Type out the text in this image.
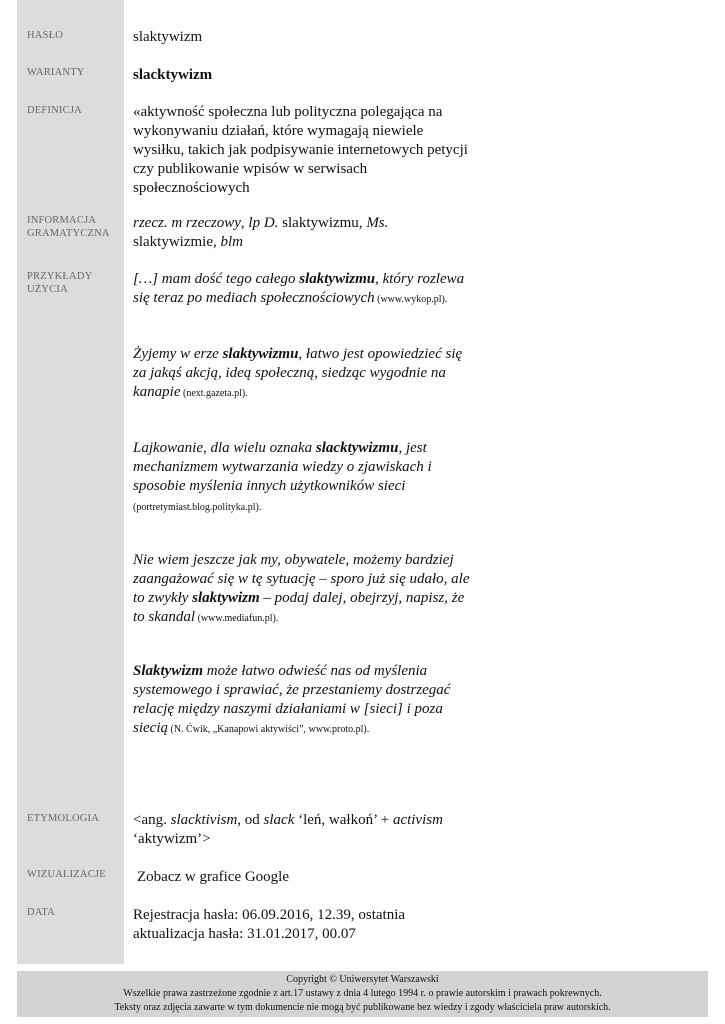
HASŁO
WARIANTY
DEFINICJA
INFORMACJA
GRAMATYCZNA
PRZYKŁADY
UŻYCIA
ETYMOLOGIA
WIZUALIZACJE
DATA
slaktywizm
slacktywizm
«aktywność społeczna lub polityczna polegająca na wykonywaniu działań, które wymagają niewiele wysiłku, takich jak podpisywanie internetowych petycji czy publikowanie wpisów w serwisach społecznościowych
rzecz. m rzeczowy, lp D. slaktywizmu, Ms. slaktywizmie, blm
[…] mam dość tego całego slaktywizmu, który rozlewa się teraz po mediach społecznościowych (www.wykop.pl).
Żyjemy w erze slaktywizmu, łatwo jest opowiedzieć się za jakąś akcją, ideą społeczną, siedząc wygodnie na kanapie (next.gazeta.pl).
Lajkowanie, dla wielu oznaka slacktywizmu, jest mechanizmem wytwarzania wiedzy o zjawiskach i sposobie myślenia innych użytkowników sieci (portretymiast.blog.polityka.pl).
Nie wiem jeszcze jak my, obywatele, możemy bardziej zaangażować się w tę sytuację – sporo już się udało, ale to zwykły slaktywizm – podaj dalej, obejrzyj, napisz, że to skandal (www.mediafun.pl).
Slaktywizm może łatwo odwieść nas od myślenia systemowego i sprawiać, że przestaniemy dostrzegać relację między naszymi działaniami w [sieci] i poza siecią (N. Ćwik, „Kanapowi aktywiści”, www.proto.pl).
<ang. slacktivism, od slack ‘leń, wałkoń’ + activism ‘aktywizm’>
Zobacz w grafice Google
Rejestracja hasła: 06.09.2016, 12.39, ostatnia
aktualizacja hasła: 31.01.2017, 00.07
Copyright © Uniwersytet Warszawski
Wszelkie prawa zastrzeżone zgodnie z art.17 ustawy z dnia 4 lutego 1994 r. o prawie autorskim i prawach pokrewnych.
Teksty oraz zdjęcia zawarte w tym dokumencie nie mogą być publikowane bez wiedzy i zgody właściciela praw autorskich.
